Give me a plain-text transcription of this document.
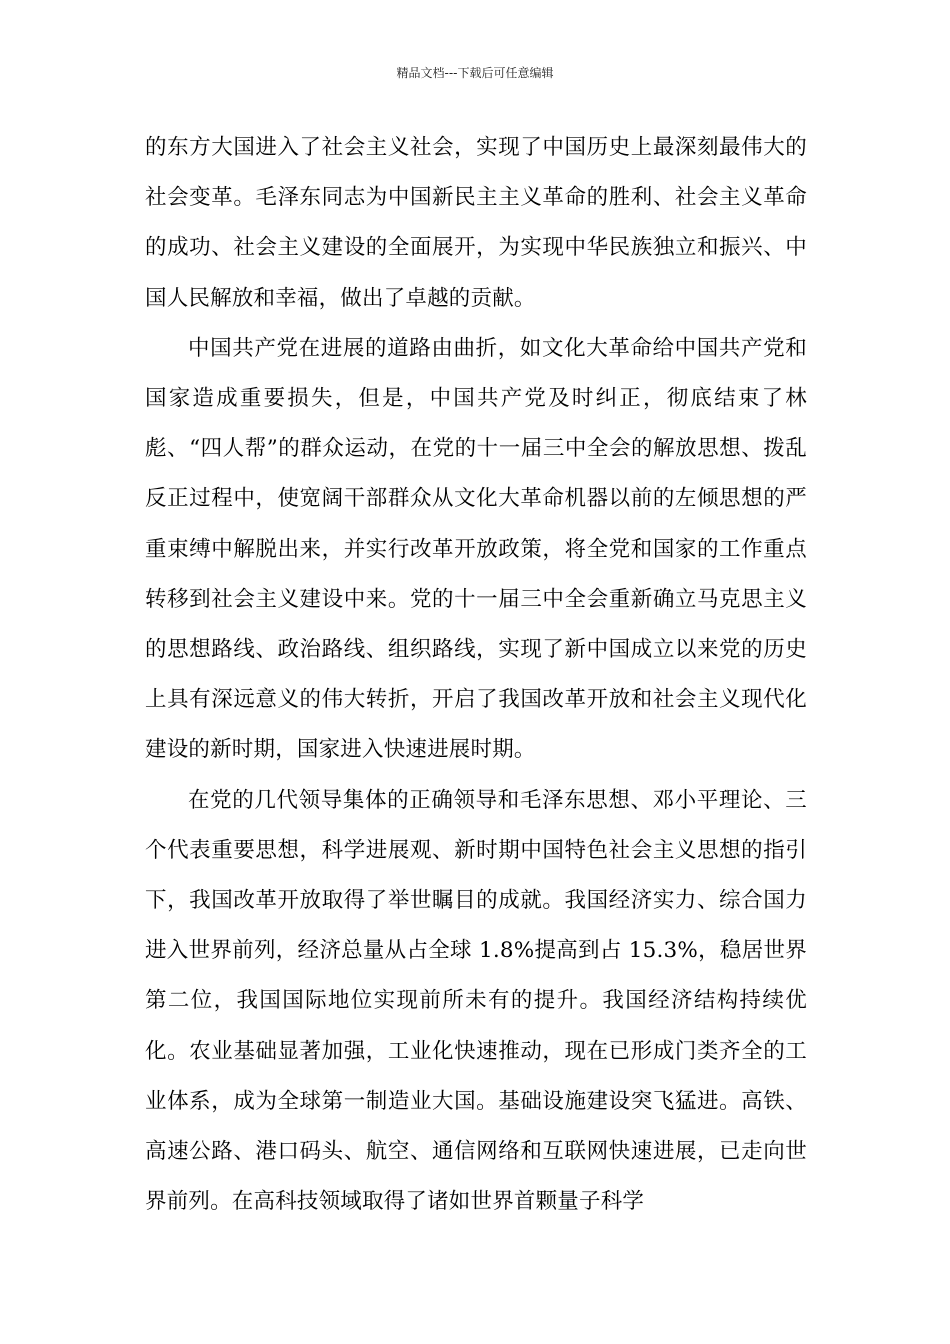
精品文档---下载后可任意编辑

的东方大国进入了社会主义社会，实现了中国历史上最深刻最伟大的社会变革。毛泽东同志为中国新民主主义革命的胜利、社会主义革命的成功、社会主义建设的全面展开，为实现中华民族独立和振兴、中国人民解放和幸福，做出了卓越的贡献。

中国共产党在进展的道路由曲折，如文化大革命给中国共产党和国家造成重要损失，但是，中国共产党及时纠正，彻底结束了林彪、“四人帮”的群众运动，在党的十一届三中全会的解放思想、拨乱反正过程中，使宽阔干部群众从文化大革命机器以前的左倾思想的严重束缚中解脱出来，并实行改革开放政策，将全党和国家的工作重点转移到社会主义建设中来。党的十一届三中全会重新确立马克思主义的思想路线、政治路线、组织路线，实现了新中国成立以来党的历史上具有深远意义的伟大转折，开启了我国改革开放和社会主义现代化建设的新时期，国家进入快速进展时期。

在党的几代领导集体的正确领导和毛泽东思想、邓小平理论、三个代表重要思想，科学进展观、新时期中国特色社会主义思想的指引下，我国改革开放取得了举世瞩目的成就。我国经济实力、综合国力进入世界前列，经济总量从占全球 1.8%提高到占 15.3%，稳居世界第二位，我国国际地位实现前所未有的提升。我国经济结构持续优化。农业基础显著加强，工业化快速推动，现在已形成门类齐全的工业体系，成为全球第一制造业大国。基础设施建设突飞猛进。高铁、高速公路、港口码头、航空、通信网络和互联网快速进展，已走向世界前列。在高科技领域取得了诸如世界首颗量子科学
